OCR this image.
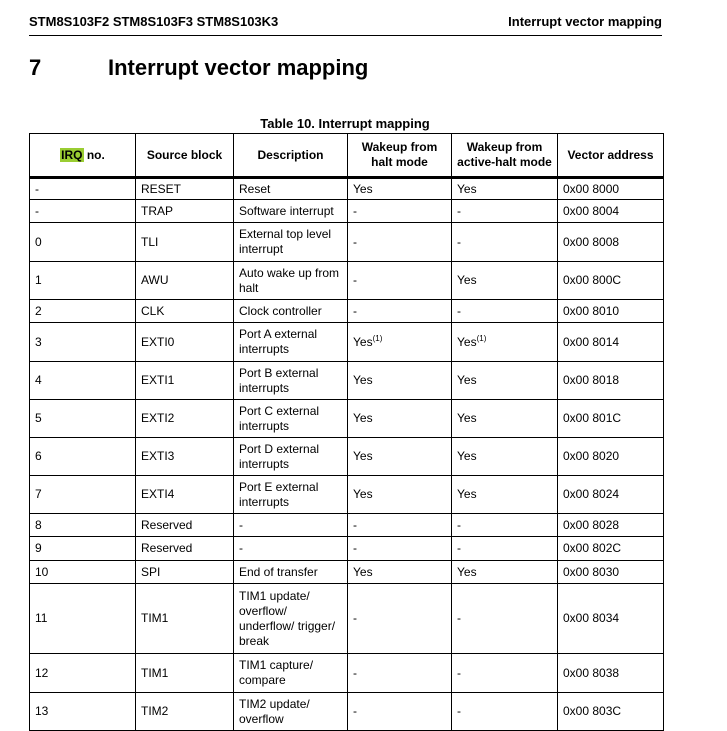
STM8S103F2 STM8S103F3 STM8S103K3	Interrupt vector mapping
7	Interrupt vector mapping
Table 10. Interrupt mapping
IRQ no.	Source block	Description	Wakeup from halt mode	Wakeup from active-halt mode	Vector address
-	RESET	Reset	Yes	Yes	0x00 8000
-	TRAP	Software interrupt	-	-	0x00 8004
0	TLI	External top level interrupt	-	-	0x00 8008
1	AWU	Auto wake up from halt	-	Yes	0x00 800C
2	CLK	Clock controller	-	-	0x00 8010
3	EXTI0	Port A external interrupts	Yes$^{(1)}$	Yes$^{(1)}$	0x00 8014
4	EXTI1	Port B external interrupts	Yes	Yes	0x00 8018
5	EXTI2	Port C external interrupts	Yes	Yes	0x00 801C
6	EXTI3	Port D external interrupts	Yes	Yes	0x00 8020
7	EXTI4	Port E external interrupts	Yes	Yes	0x00 8024
8	Reserved	-	-	-	0x00 8028
9	Reserved	-	-	-	0x00 802C
10	SPI	End of transfer	Yes	Yes	0x00 8030
11	TIM1	TIM1 update/ overflow/ underflow/ trigger/ break	-	-	0x00 8034
12	TIM1	TIM1 capture/ compare	-	-	0x00 8038
13	TIM2	TIM2 update/ overflow	-	-	0x00 803C
